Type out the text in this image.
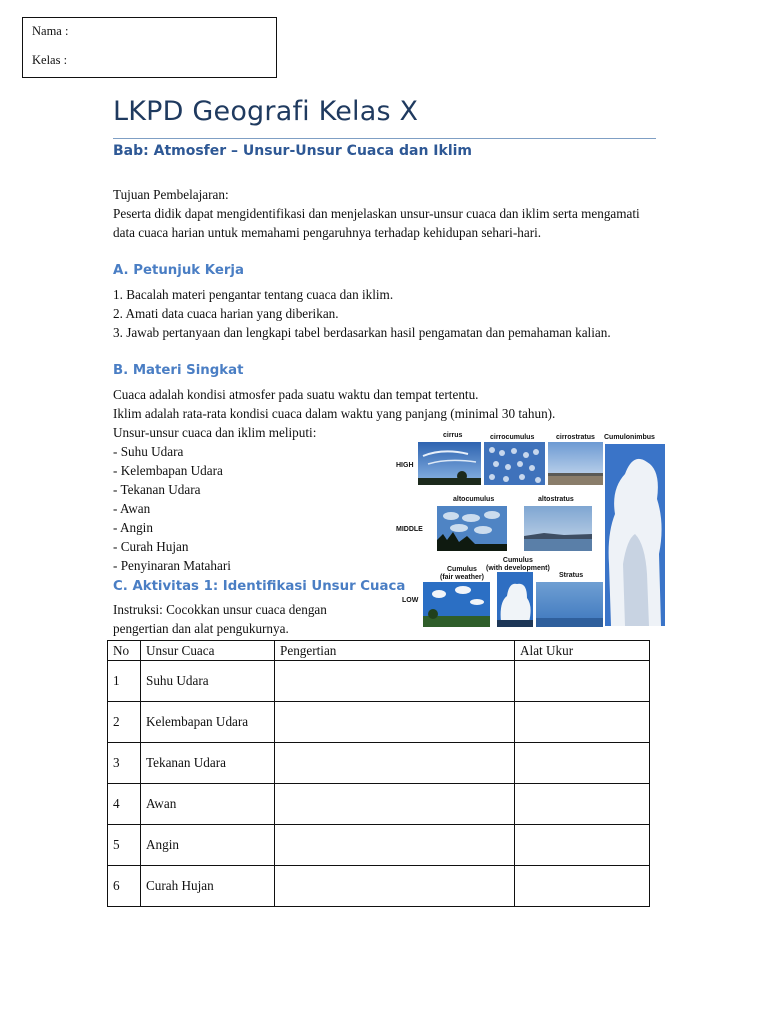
Nama :
Kelas :
LKPD Geografi Kelas X
Bab: Atmosfer – Unsur-Unsur Cuaca dan Iklim

Tujuan Pembelajaran:

Peserta didik dapat mengidentifikasi dan menjelaskan unsur-unsur cuaca dan iklim serta mengamati data cuaca harian untuk memahami pengaruhnya terhadap kehidupan sehari-hari.

A. Petunjuk Kerja

1. Bacalah materi pengantar tentang cuaca dan iklim.

2. Amati data cuaca harian yang diberikan.

3. Jawab pertanyaan dan lengkapi tabel berdasarkan hasil pengamatan dan pemahaman kalian.

B. Materi Singkat

Cuaca adalah kondisi atmosfer pada suatu waktu dan tempat tertentu.

Iklim adalah rata-rata kondisi cuaca dalam waktu yang panjang (minimal 30 tahun).

Unsur-unsur cuaca dan iklim meliputi:

- Suhu Udara
- Kelembapan Udara
- Tekanan Udara
- Awan
- Angin
- Curah Hujan
- Penyinaran Matahari
C. Aktivitas 1: Identifikasi Unsur Cuaca

Instruksi: Cocokkan unsur cuaca dengan pengertian dan alat pengukurnya.

HIGH
MIDDLE
LOW
cirrus	cirrocumulus	cirrostratus Cumulonimbus
altocumulus	altostratus
Cumulus
(fair weather)
Cumulus
(with development)
Stratus
No	Unsur Cuaca	Pengertian	Alat Ukur
1	Suhu Udara		
2	Kelembapan Udara		
3	Tekanan Udara		
4	Awan		
5	Angin		
6	Curah Hujan		
